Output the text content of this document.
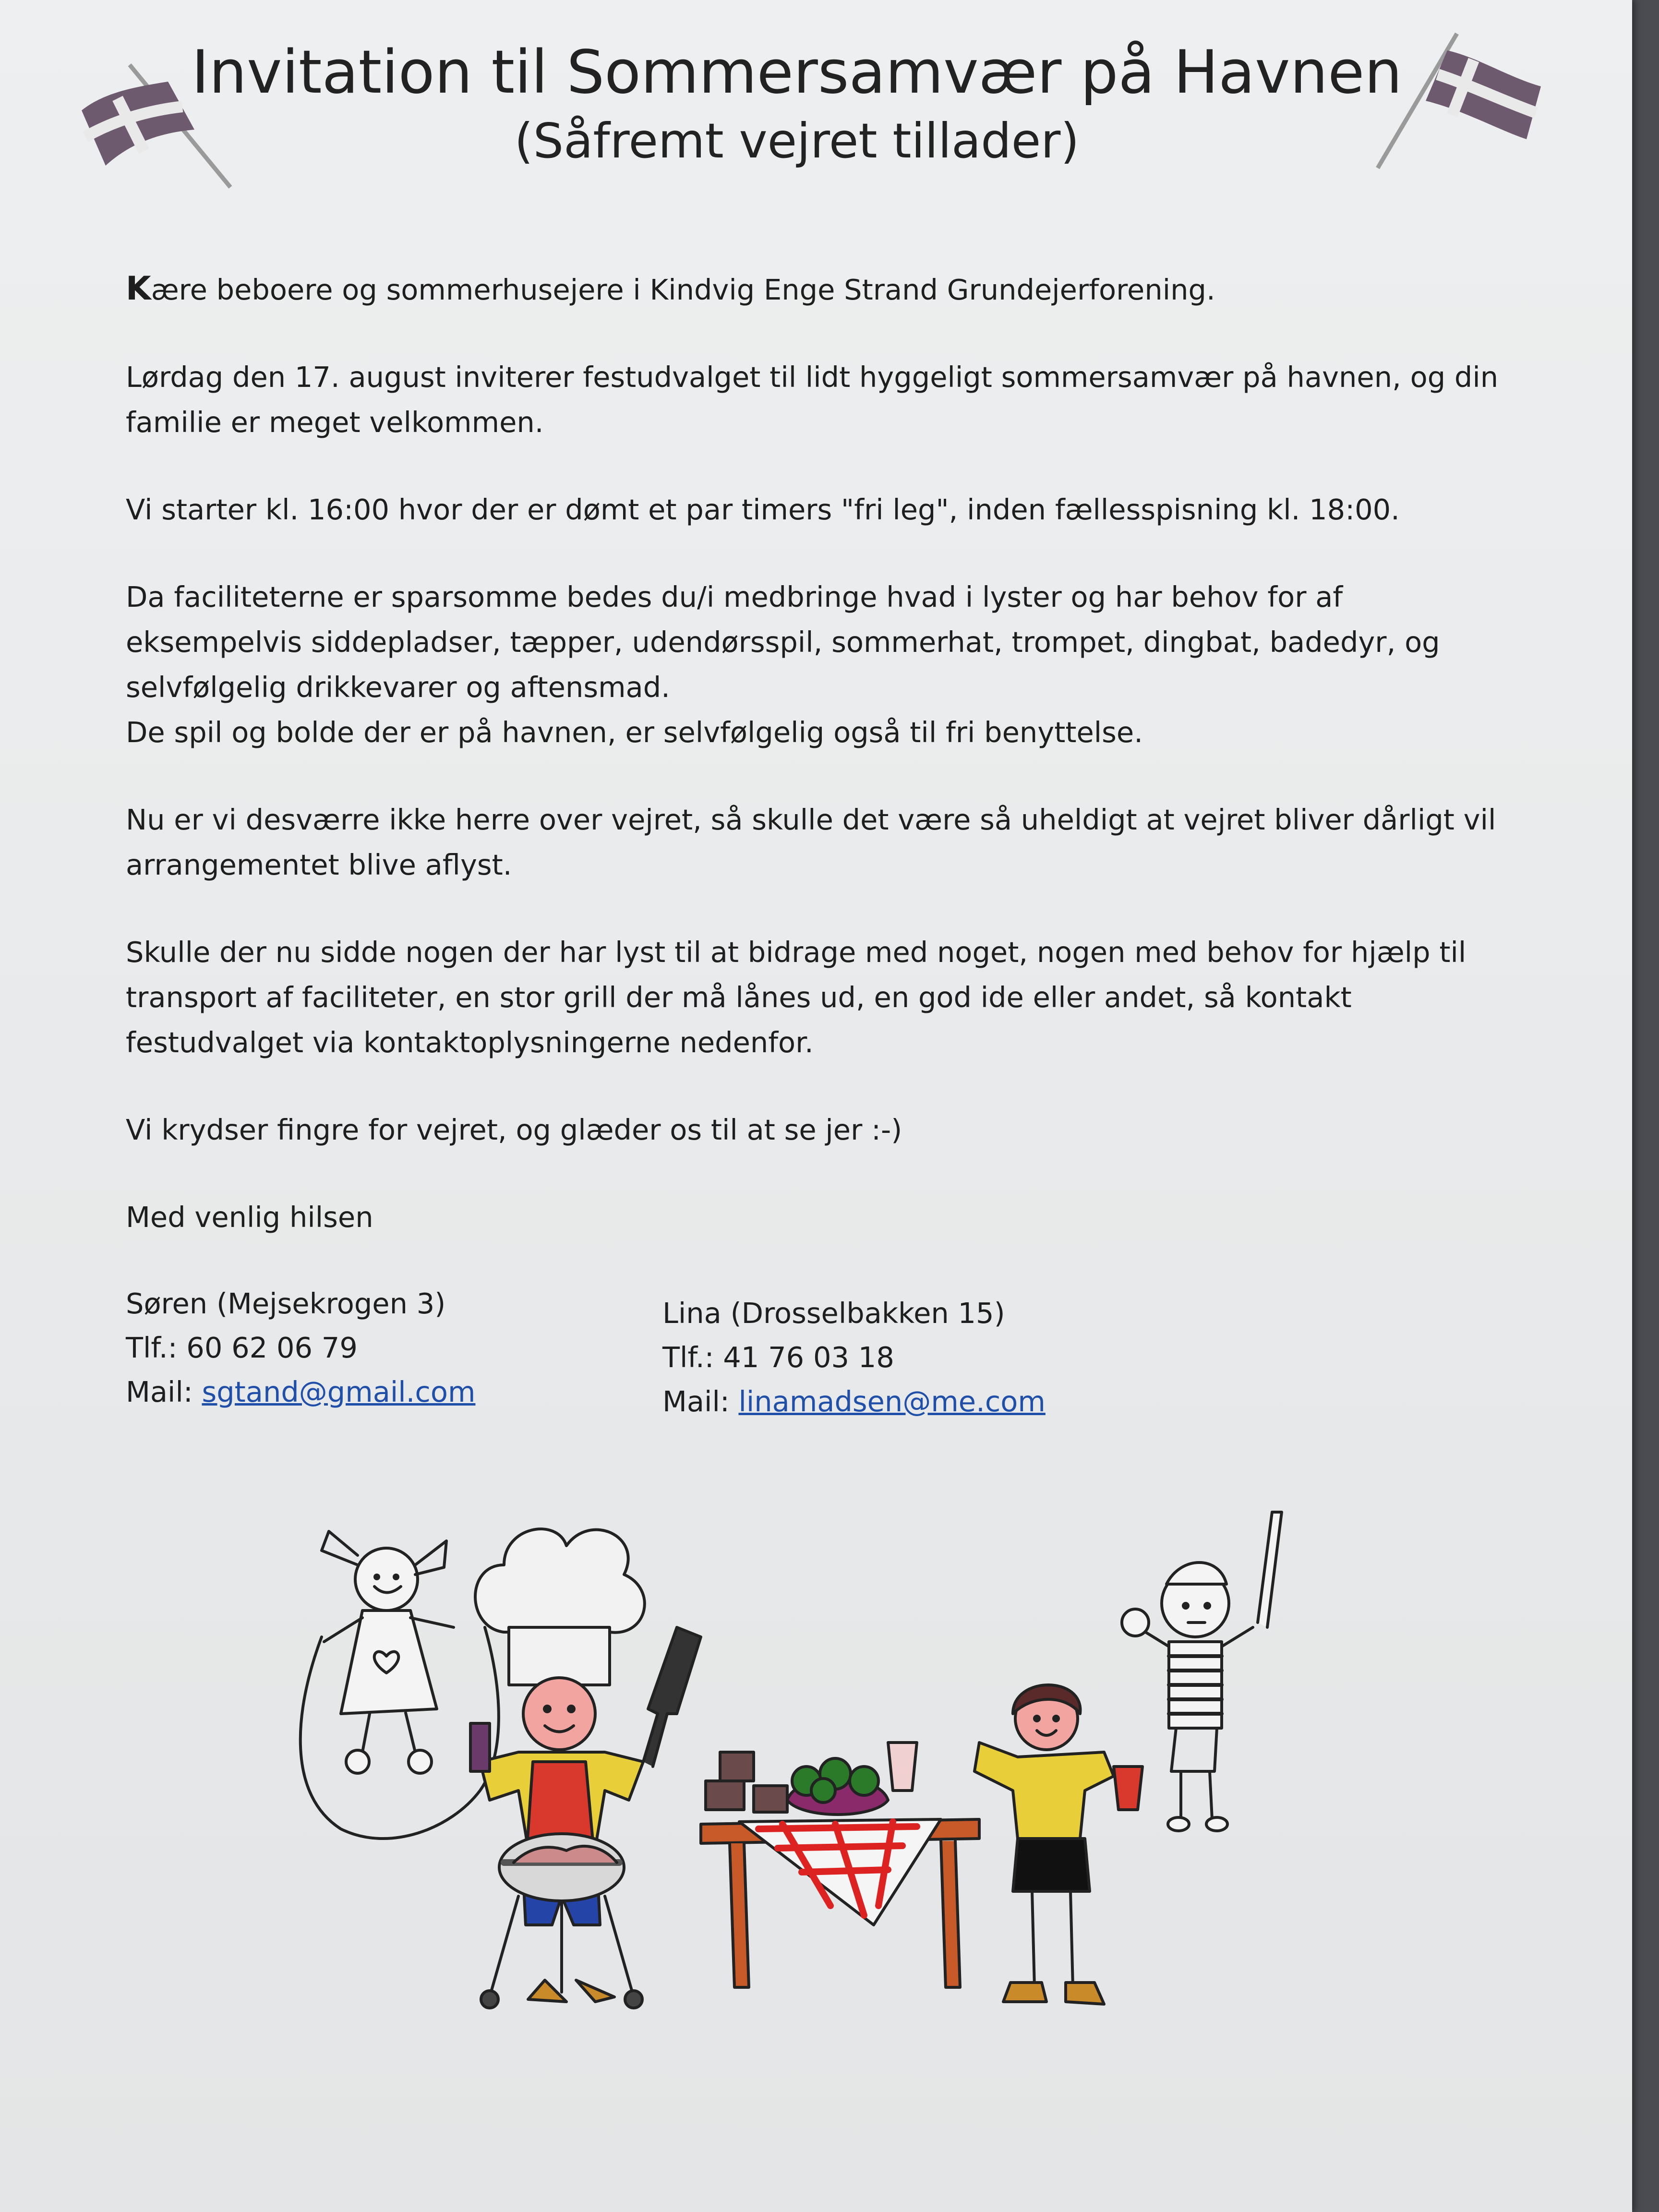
Invitation til Sommersamvær på Havnen
(Såfremt vejret tillader)

Kære beboere og sommerhusejere i Kindvig Enge Strand Grundejerforening.

Lørdag den 17. august inviterer festudvalget til lidt hyggeligt sommersamvær på havnen, og din familie er meget velkommen.

Vi starter kl. 16:00 hvor der er dømt et par timers "fri leg", inden fællesspisning kl. 18:00.

Da faciliteterne er sparsomme bedes du/i medbringe hvad i lyster og har behov for af eksempelvis siddepladser, tæpper, udendørsspil, sommerhat, trompet, dingbat, badedyr, og selvfølgelig drikkevarer og aftensmad.
De spil og bolde der er på havnen, er selvfølgelig også til fri benyttelse.

Nu er vi desværre ikke herre over vejret, så skulle det være så uheldigt at vejret bliver dårligt vil arrangementet blive aflyst.

Skulle der nu sidde nogen der har lyst til at bidrage med noget, nogen med behov for hjælp til transport af faciliteter, en stor grill der må lånes ud, en god ide eller andet, så kontakt festudvalget via kontaktoplysningerne nedenfor.

Vi krydser fingre for vejret, og glæder os til at se jer :-)

Med venlig hilsen

Søren (Mejsekrogen 3)
Tlf.: 60 62 06 79
Mail: sgtand@gmail.com
Lina (Drosselbakken 15)
Tlf.: 41 76 03 18
Mail: linamadsen@me.com
